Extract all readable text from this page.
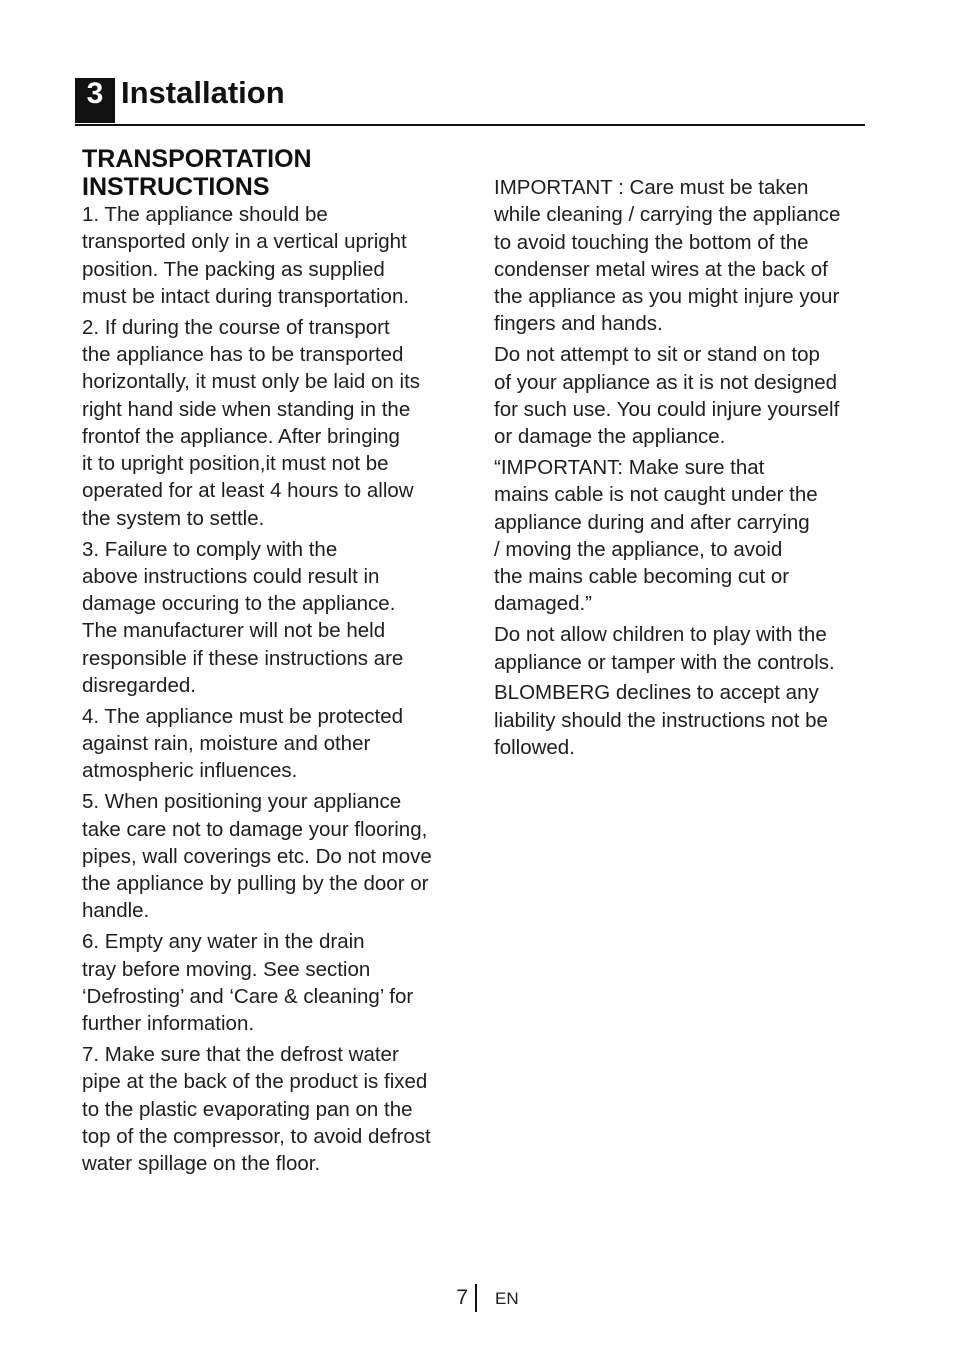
3 Installation
TRANSPORTATION
INSTRUCTIONS

1. The appliance should be
transported only in a vertical upright
position. The packing as supplied
must be intact during transportation.

2. If during the course of transport
the appliance has to be transported
horizontally, it must only be laid on its
right hand side when standing in the
frontof the appliance. After bringing
it to upright position,it must not be
operated for at least 4 hours to allow
the system to settle.

3. Failure to comply with the
above instructions could result in
damage occuring to the appliance.
The manufacturer will not be held
responsible if these instructions are
disregarded.

4. The appliance must be protected
against rain, moisture and other
atmospheric influences.

5. When positioning your appliance
take care not to damage your flooring,
pipes, wall coverings etc. Do not move
the appliance by pulling by the door or
handle.

6. Empty any water in the drain
tray before moving. See section
‘Defrosting’ and ‘Care & cleaning’ for
further information.

7. Make sure that the defrost water
pipe at the back of the product is fixed
to the plastic evaporating pan on the
top of the compressor, to avoid defrost
water spillage on the floor.

IMPORTANT : Care must be taken
while cleaning / carrying the appliance
to avoid touching the bottom of the
condenser metal wires at the back of
the appliance as you might injure your
fingers and hands.

Do not attempt to sit or stand on top
of your appliance as it is not designed
for such use. You could injure yourself
or damage the appliance.

“IMPORTANT: Make sure that
mains cable is not caught under the
appliance during and after carrying
/ moving the appliance, to avoid
the mains cable becoming cut or
damaged.”

Do not allow children to play with the
appliance or tamper with the controls.

BLOMBERG declines to accept any
liability should the instructions not be
followed.

7 EN
